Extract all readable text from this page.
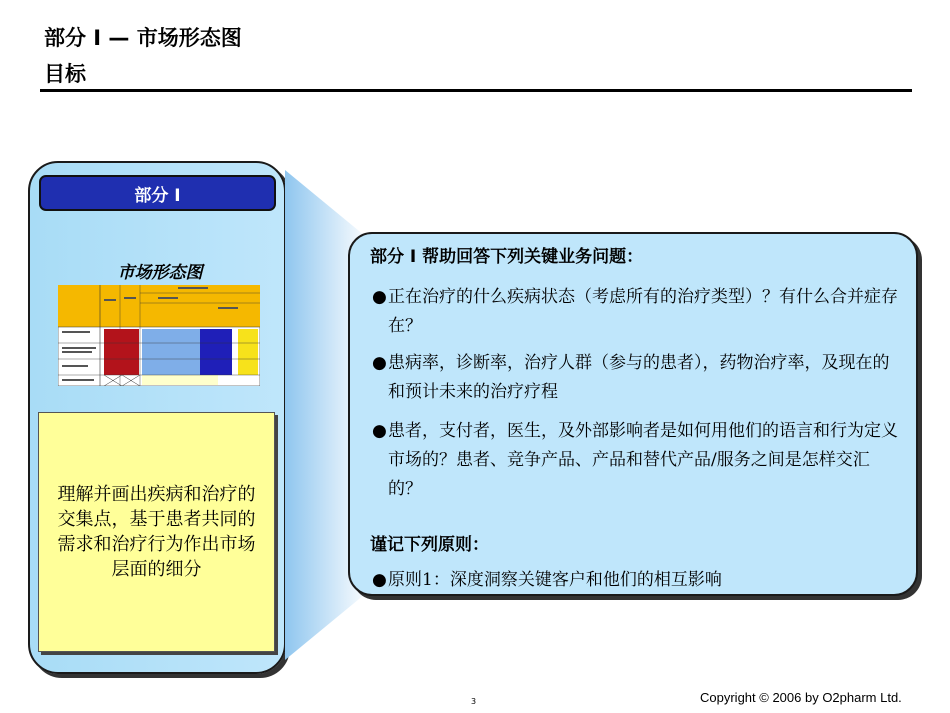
部分 I — 市场形态图
目标
部分 I
市场形态图
理解并画出疾病和治疗的交集点，基于患者共同的需求和治疗行为作出市场层面的细分
部分 I 帮助回答下列关键业务问题：
● 正在治疗的什么疾病状态（考虑所有的治疗类型）？有什么合并症存在？
● 患病率，诊断率，治疗人群（参与的患者），药物治疗率，及现在的和预计未来的治疗疗程
● 患者，支付者，医生，及外部影响者是如何用他们的语言和行为定义市场的？患者、竞争产品、产品和替代产品/服务之间是怎样交汇的？
谨记下列原则：
● 原则1：深度洞察关键客户和他们的相互影响
3	Copyright © 2006 by O2pharm Ltd.
